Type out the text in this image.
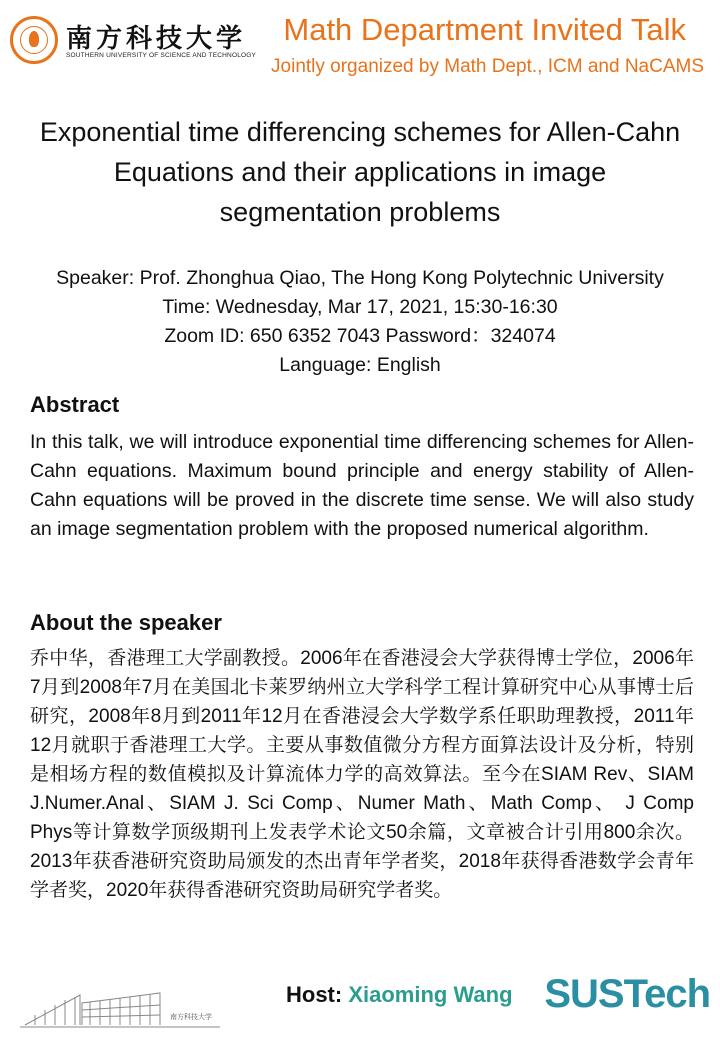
南方科技大学
SOUTHERN UNIVERSITY OF SCIENCE AND TECHNOLOGY
Math Department Invited Talk
Jointly organized by Math Dept., ICM and NaCAMS
Exponential time differencing schemes for Allen-Cahn Equations and their applications in image segmentation problems
Speaker: Prof. Zhonghua Qiao, The Hong Kong Polytechnic University
Time: Wednesday, Mar 17, 2021, 15:30-16:30
Zoom ID: 650 6352 7043 Password：324074
Language: English
Abstract
In this talk, we will introduce exponential time differencing schemes for Allen-Cahn equations. Maximum bound principle and energy stability of Allen-Cahn equations will be proved in the discrete time sense. We will also study an image segmentation problem with the proposed numerical algorithm.
About the speaker
乔中华，香港理工大学副教授。2006年在香港浸会大学获得博士学位，2006年7月到2008年7月在美国北卡莱罗纳州立大学科学工程计算研究中心从事博士后研究，2008年8月到2011年12月在香港浸会大学数学系任职助理教授，2011年12月就职于香港理工大学。主要从事数值微分方程方面算法设计及分析，特别是相场方程的数值模拟及计算流体力学的高效算法。至今在SIAM Rev、SIAM J.Numer.Anal、SIAM J. Sci Comp、Numer Math、Math Comp、 J Comp Phys等计算数学顶级期刊上发表学术论文50余篇，文章被合计引用800余次。2013年获香港研究资助局颁发的杰出青年学者奖，2018年获得香港数学会青年学者奖，2020年获得香港研究资助局研究学者奖。
南方科技大学
Host: Xiaoming Wang SUSTech
